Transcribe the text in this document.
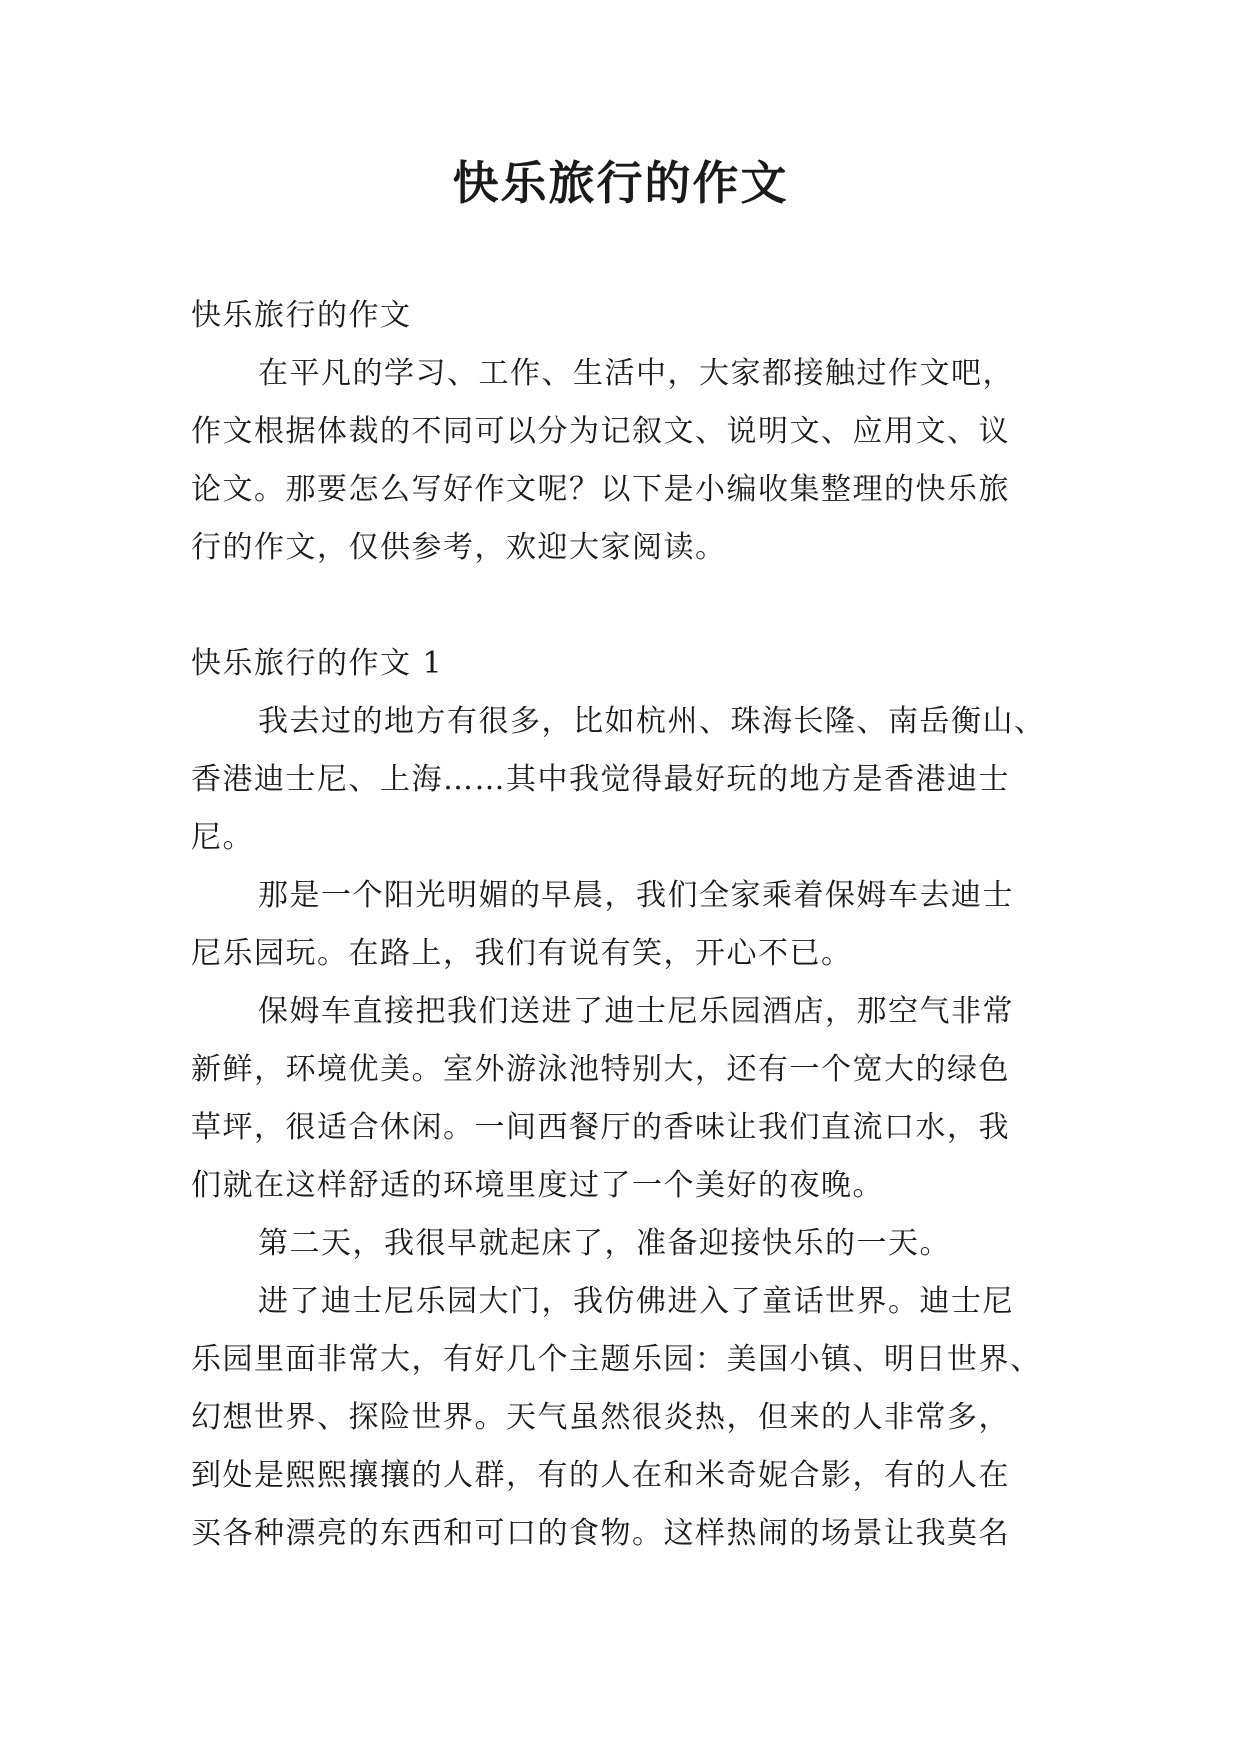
快乐旅行的作文
快乐旅行的作文
在平凡的学习、工作、生活中，大家都接触过作文吧，
作文根据体裁的不同可以分为记叙文、说明文、应用文、议
论文。那要怎么写好作文呢？以下是小编收集整理的快乐旅
行的作文，仅供参考，欢迎大家阅读。
快乐旅行的作文 1
我去过的地方有很多，比如杭州、珠海长隆、南岳衡山、
香港迪士尼、上海……其中我觉得最好玩的地方是香港迪士
尼。
那是一个阳光明媚的早晨，我们全家乘着保姆车去迪士
尼乐园玩。在路上，我们有说有笑，开心不已。
保姆车直接把我们送进了迪士尼乐园酒店，那空气非常
新鲜，环境优美。室外游泳池特别大，还有一个宽大的绿色
草坪，很适合休闲。一间西餐厅的香味让我们直流口水，我
们就在这样舒适的环境里度过了一个美好的夜晚。
第二天，我很早就起床了，准备迎接快乐的一天。
进了迪士尼乐园大门，我仿佛进入了童话世界。迪士尼
乐园里面非常大，有好几个主题乐园：美国小镇、明日世界、
幻想世界、探险世界。天气虽然很炎热，但来的人非常多，
到处是熙熙攘攘的人群，有的人在和米奇妮合影，有的人在
买各种漂亮的东西和可口的食物。这样热闹的场景让我莫名
